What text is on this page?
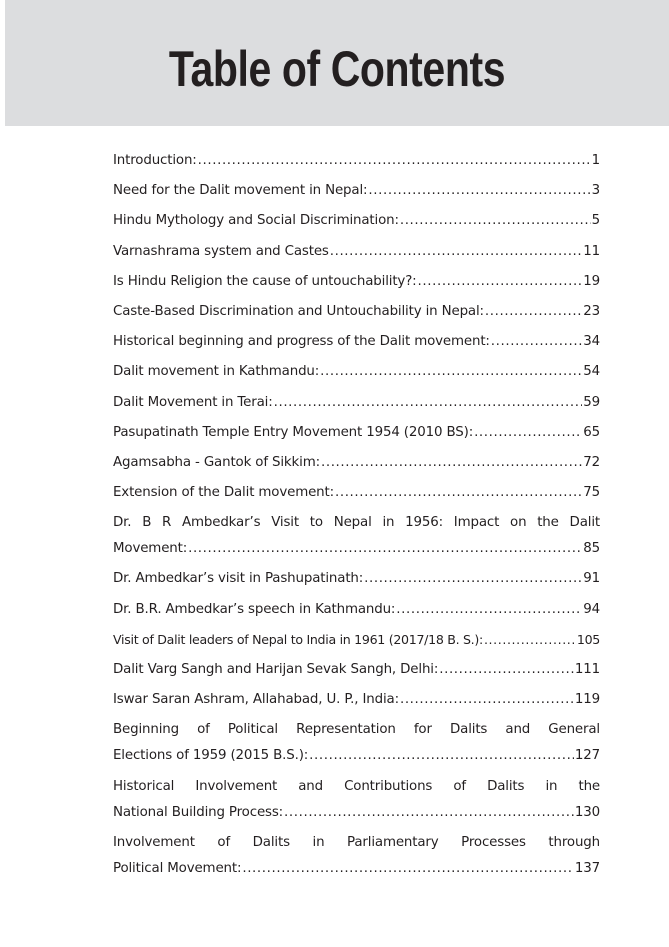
Table of Contents
Introduction: .....	1
Need for the Dalit movement in Nepal: .....	3
Hindu Mythology and Social Discrimination: .....	5
Varnashrama system and Castes .....	11
Is Hindu Religion the cause of untouchability?: .....	19
Caste-Based Discrimination and Untouchability in Nepal: .....	23
Historical beginning and progress of the Dalit movement: .....	34
Dalit movement in Kathmandu: .....	54
Dalit Movement in Terai: .....	59
Pasupatinath Temple Entry Movement 1954 (2010 BS): .....	65
Agamsabha - Gantok of Sikkim: .....	72
Extension of the Dalit movement: .....	75
Dr. B R Ambedkar’s Visit to Nepal in 1956: Impact on the Dalit
Movement: .....	85
Dr. Ambedkar’s visit in Pashupatinath: .....	91
Dr. B.R. Ambedkar’s speech in Kathmandu: .....	94
Visit of Dalit leaders of Nepal to India in 1961 (2017/18 B. S.): .....	105
Dalit Varg Sangh and Harijan Sevak Sangh, Delhi: .....	111
Iswar Saran Ashram, Allahabad, U. P., India: .....	119
Beginning of Political Representation for Dalits and General
Elections of 1959 (2015 B.S.): .....	127
Historical Involvement and Contributions of Dalits in the
National Building Process: .....	130
Involvement of Dalits in Parliamentary Processes through
Political Movement: .....	137
